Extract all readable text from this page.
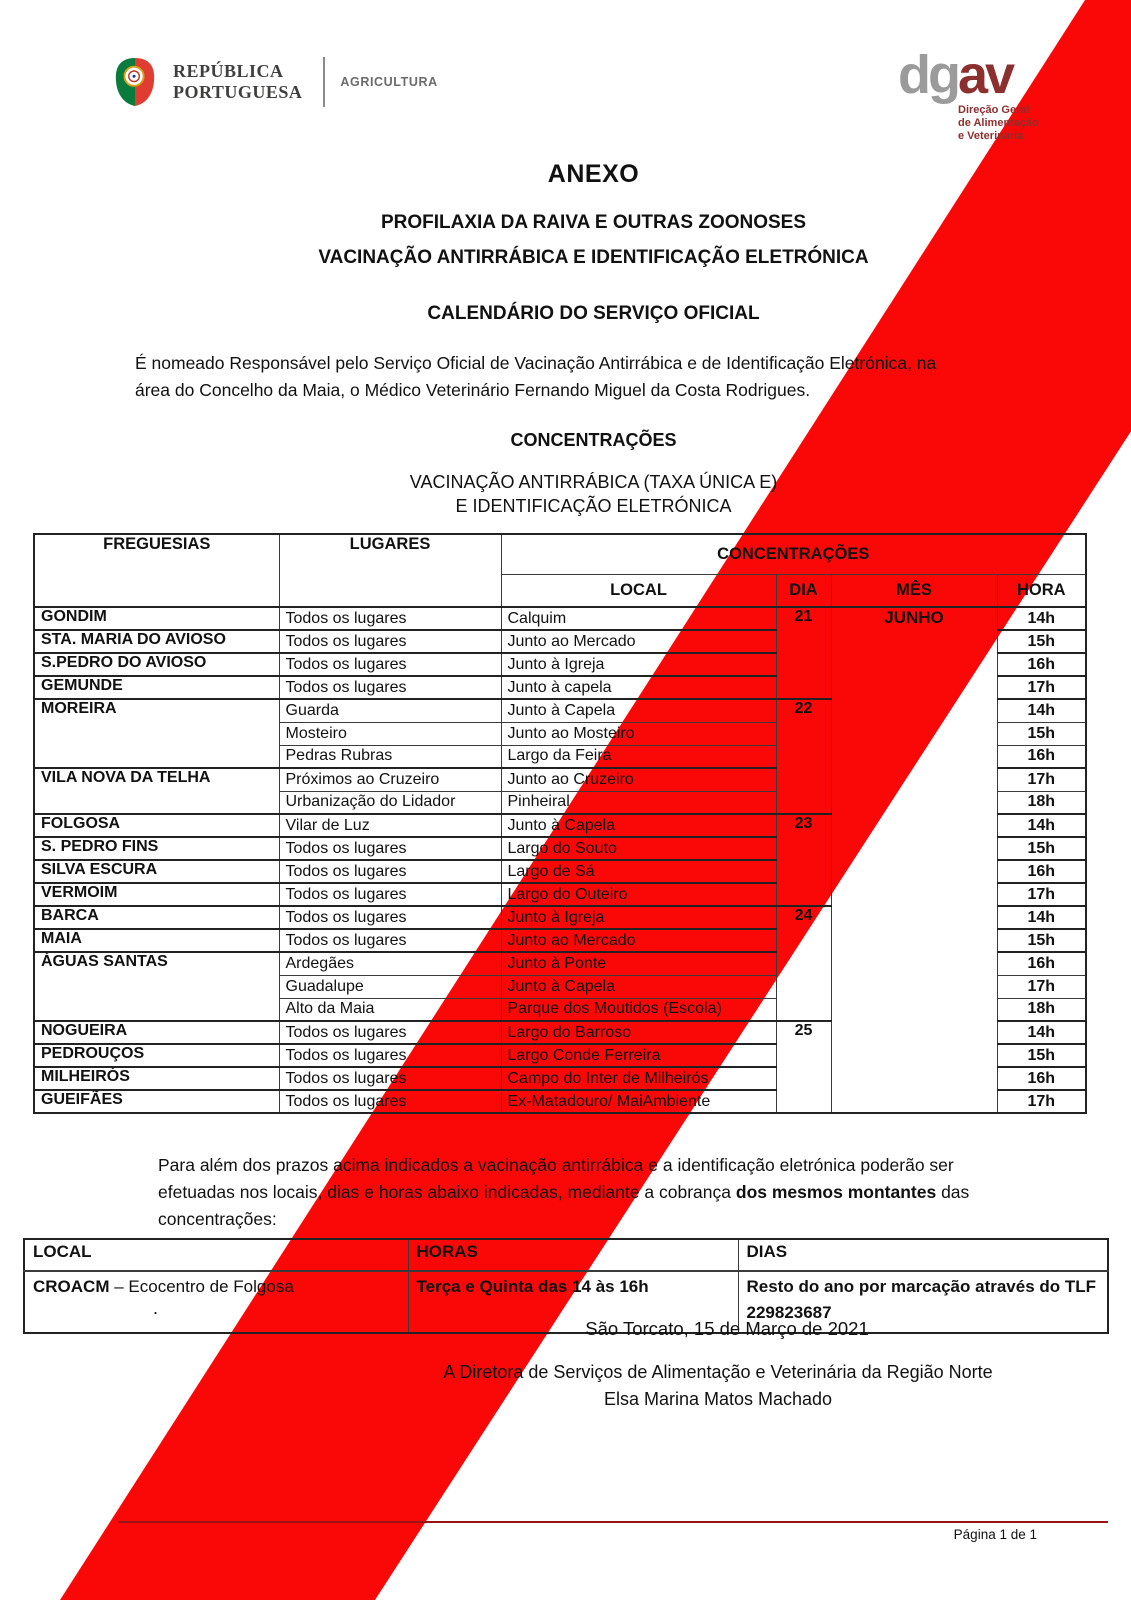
REPÚBLICA
PORTUGUESA	AGRICULTURA	dgav
Direção Geral
de Alimentação
e Veterinária
ANEXO
PROFILAXIA DA RAIVA E OUTRAS ZOONOSES
VACINAÇÃO ANTIRRÁBICA E IDENTIFICAÇÃO ELETRÓNICA
CALENDÁRIO DO SERVIÇO OFICIAL
É nomeado Responsável pelo Serviço Oficial de Vacinação Antirrábica e de Identificação Eletrónica, na área do Concelho da Maia, o Médico Veterinário Fernando Miguel da Costa Rodrigues.
CONCENTRAÇÕES
VACINAÇÃO ANTIRRÁBICA (TAXA ÚNICA E)
E IDENTIFICAÇÃO ELETRÓNICA
FREGUESIAS	LUGARES	CONCENTRAÇÕES			
		LOCAL	DIA	MÊS	HORA
GONDIM	Todos os lugares	Calquim	21	JUNHO	14h
STA. MARIA DO AVIOSO	Todos os lugares	Junto ao Mercado			15h
S.PEDRO DO AVIOSO	Todos os lugares	Junto à Igreja			16h
GEMUNDE	Todos os lugares	Junto à capela			17h
MOREIRA	Guarda	Junto à Capela	22		14h
	Mosteiro	Junto ao Mosteiro			15h
	Pedras Rubras	Largo da Feira			16h
VILA NOVA DA TELHA	Próximos ao Cruzeiro	Junto ao Cruzeiro			17h
	Urbanização do Lidador	Pinheiral			18h
FOLGOSA	Vilar de Luz	Junto à Capela	23		14h
S. PEDRO FINS	Todos os lugares	Largo do Souto			15h
SILVA ESCURA	Todos os lugares	Largo de Sá			16h
VERMOIM	Todos os lugares	Largo do Outeiro			17h
BARCA	Todos os lugares	Junto à Igreja	24		14h
MAIA	Todos os lugares	Junto ao Mercado			15h
ÁGUAS SANTAS	Ardegães	Junto à Ponte			16h
	Guadalupe	Junto à Capela			17h
	Alto da Maia	Parque dos Moutidos (Escola)			18h
NOGUEIRA	Todos os lugares	Largo do Barroso	25		14h
PEDROUÇOS	Todos os lugares	Largo Conde Ferreira			15h
MILHEIRÓS	Todos os lugares	Campo do Inter de Milheirós			16h
GUEIFÃES	Todos os lugares	Ex-Matadouro/ MaiAmbiente			17h
Para além dos prazos acima indicados a vacinação antirrábica e a identificação eletrónica poderão ser efetuadas nos locais, dias e horas abaixo indicadas, mediante a cobrança dos mesmos montantes das concentrações:
LOCAL	HORAS	DIAS
CROACM – Ecocentro de Folgosa	Terça e Quinta das 14 às 16h	Resto do ano por marcação através do TLF 229823687
.
São Torcato, 15 de Março de 2021
A Diretora de Serviços de Alimentação e Veterinária da Região Norte
Elsa Marina Matos Machado
Página 1 de 1
